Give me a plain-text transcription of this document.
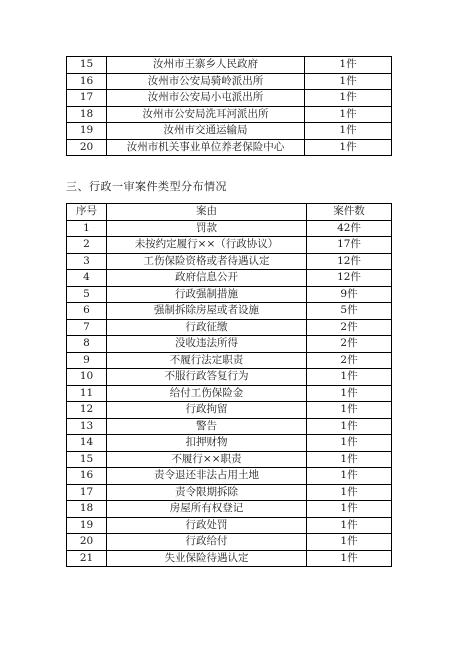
15	汝州市王寨乡人民政府	1件
16	汝州市公安局骑岭派出所	1件
17	汝州市公安局小屯派出所	1件
18	汝州市公安局洗耳河派出所	1件
19	汝州市交通运输局	1件
20	汝州市机关事业单位养老保险中心	1件
三、行政一审案件类型分布情况
序号	案由	案件数
1	罚款	42件
2	未按约定履行××（行政协议）	17件
3	工伤保险资格或者待遇认定	12件
4	政府信息公开	12件
5	行政强制措施	9件
6	强制拆除房屋或者设施	5件
7	行政征缴	2件
8	没收违法所得	2件
9	不履行法定职责	2件
10	不服行政答复行为	1件
11	给付工伤保险金	1件
12	行政拘留	1件
13	警告	1件
14	扣押财物	1件
15	不履行××职责	1件
16	责令退还非法占用土地	1件
17	责令限期拆除	1件
18	房屋所有权登记	1件
19	行政处罚	1件
20	行政给付	1件
21	失业保险待遇认定	1件
